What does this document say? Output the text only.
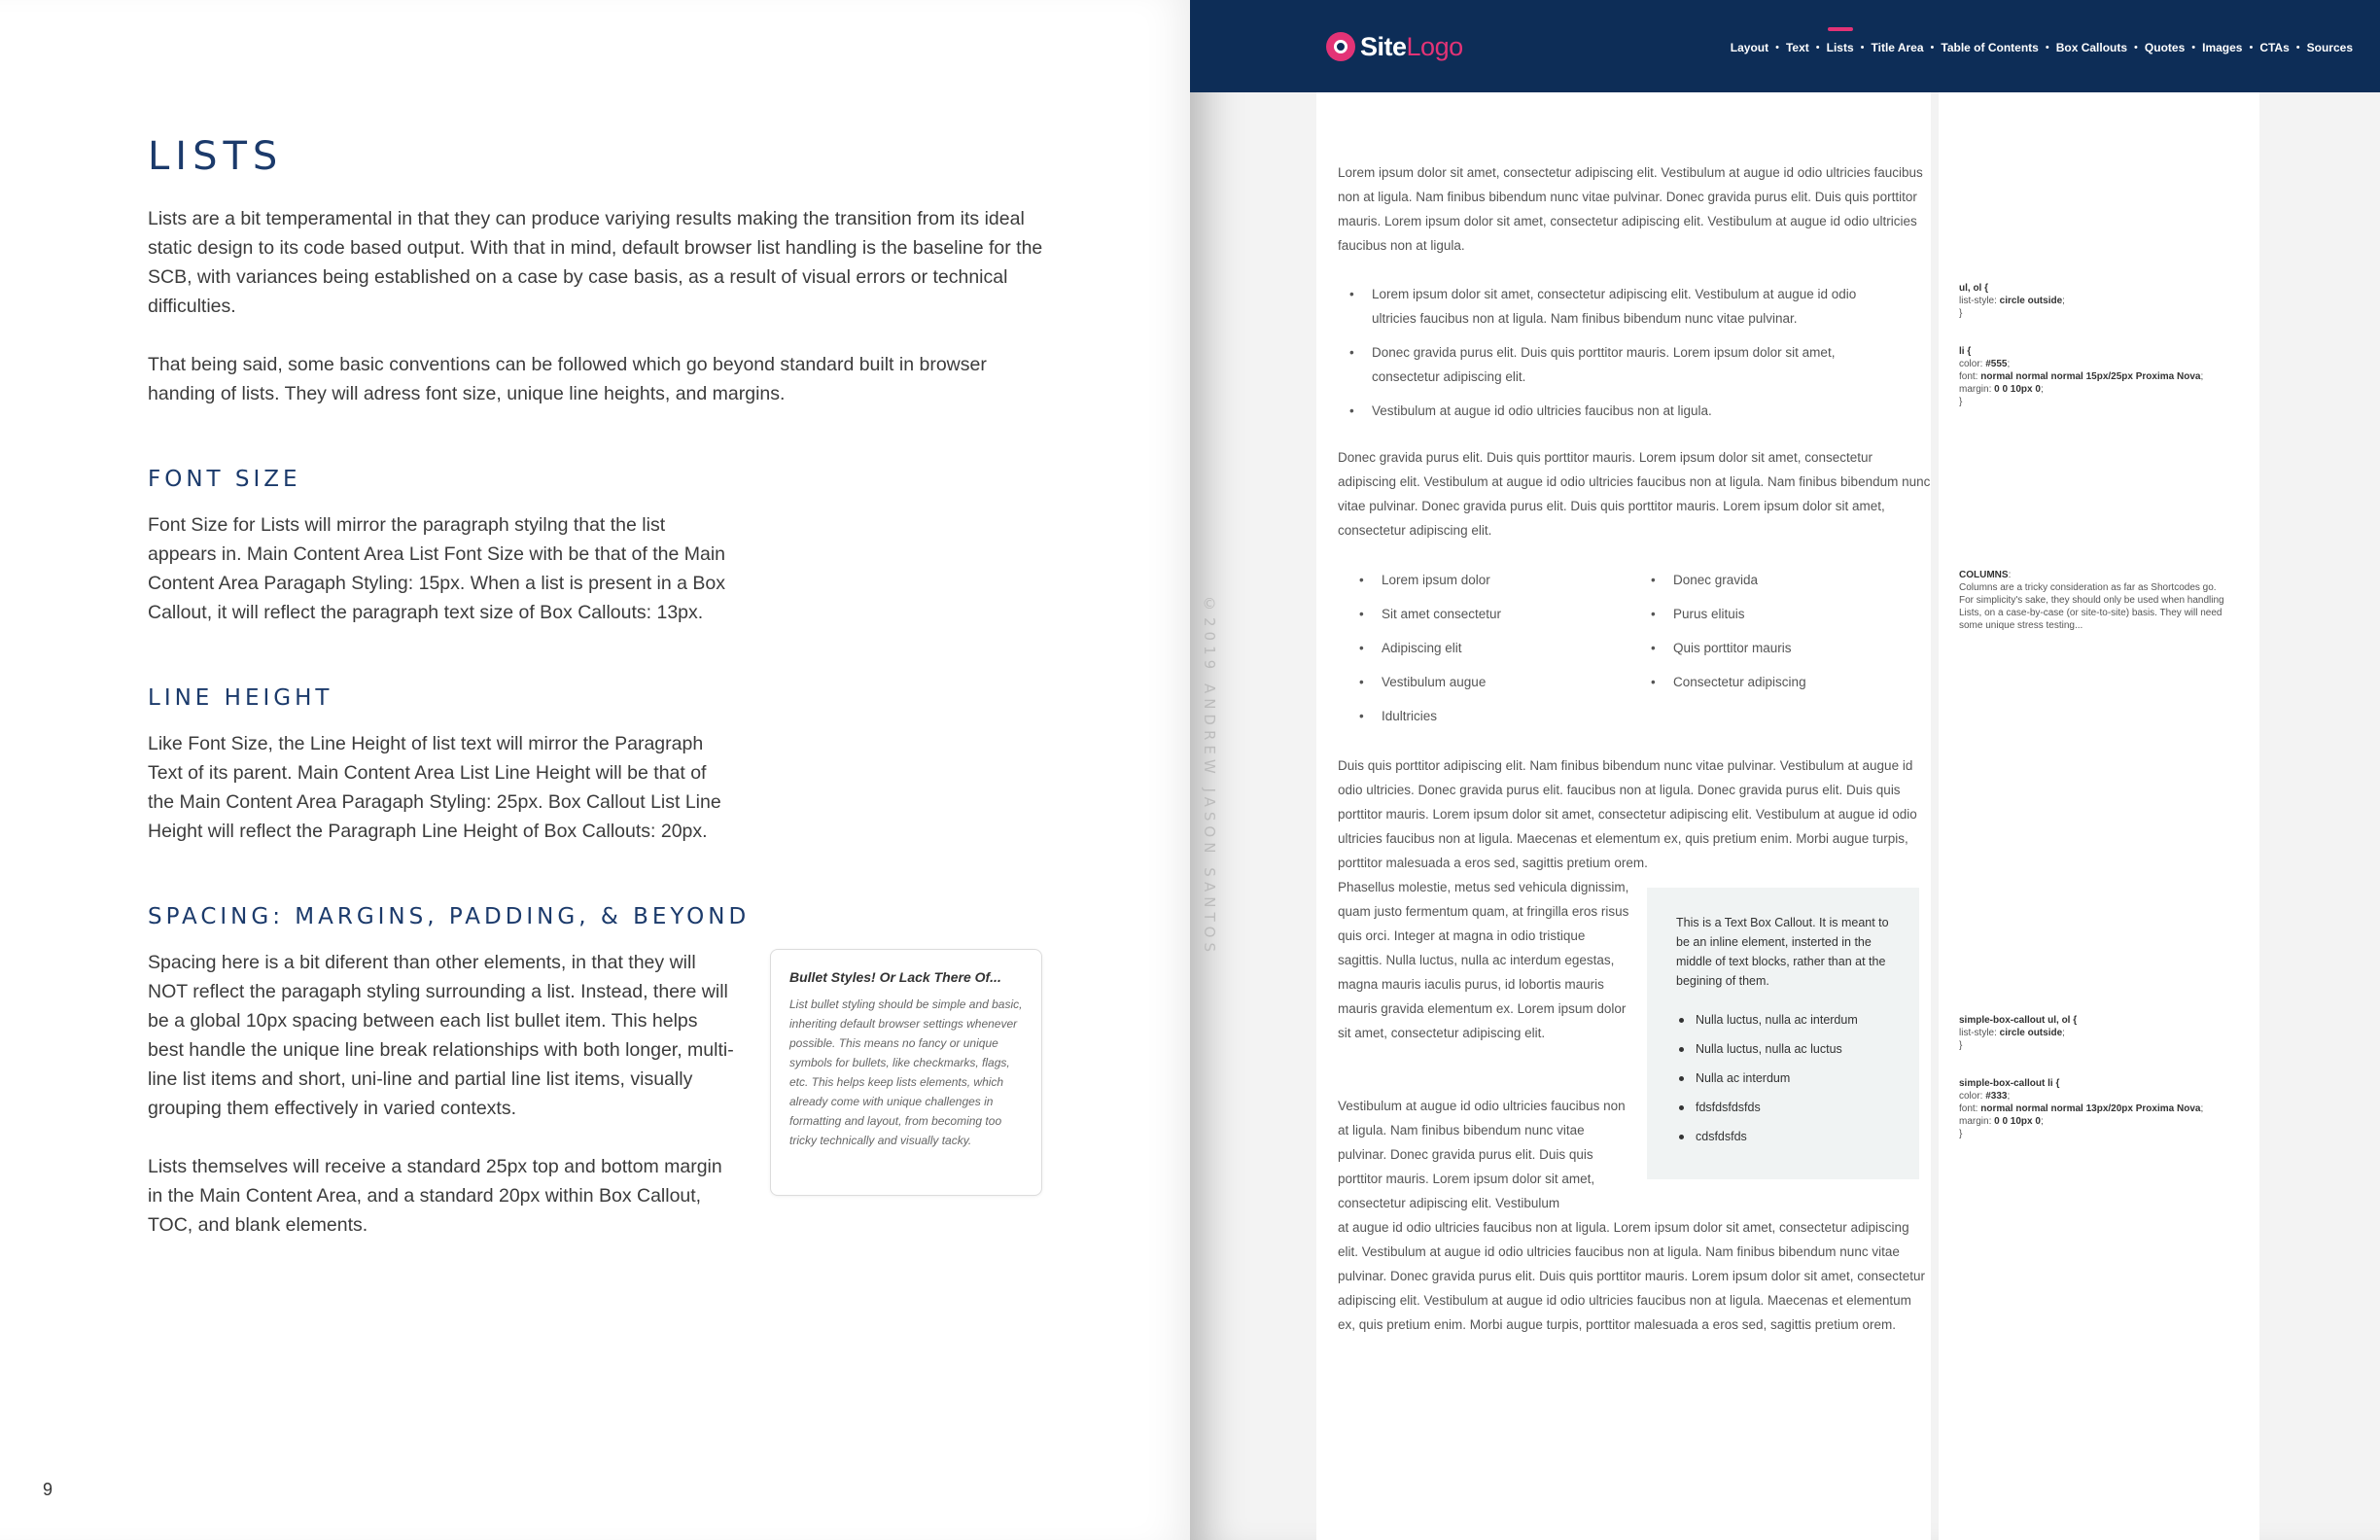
LISTS

Lists are a bit temperamental in that they can produce variying results making the transition from its ideal static design to its code based output. With that in mind, default browser list handling is the baseline for the SCB, with variances being established on a case by case basis, as a result of visual errors or technical difficulties.

That being said, some basic conventions can be followed which go beyond standard built in browser handing of lists. They will adress font size, unique line heights, and margins.

FONT SIZE

Font Size for Lists will mirror the paragraph styilng that the list appears in. Main Content Area List Font Size with be that of the Main Content Area Paragaph Styling: 15px. When a list is present in a Box Callout, it will reflect the paragraph text size of Box Callouts: 13px.

LINE HEIGHT

Like Font Size, the Line Height of list text will mirror the Paragraph Text of its parent. Main Content Area List Line Height will be that of the Main Content Area Paragaph Styling: 25px. Box Callout List Line Height will reflect the Paragraph Line Height of Box Callouts: 20px.

SPACING: MARGINS, PADDING, & BEYOND

Spacing here is a bit diferent than other elements, in that they will NOT reflect the paragaph styling surrounding a list. Instead, there will be a global 10px spacing between each list bullet item. This helps best handle the unique line break relationships with both longer, multi-line list items and short, uni-line and partial line list items, visually grouping them effectively in varied contexts.

Lists themselves will receive a standard 25px top and bottom margin in the Main Content Area, and a standard 20px within Box Callout, TOC, and blank elements.

Bullet Styles! Or Lack There Of...

List bullet styling should be simple and basic, inheriting default browser settings whenever possible. This means no fancy or unique symbols for bullets, like checkmarks, flags, etc. This helps keep lists elements, which already come with unique challenges in formatting and layout, from becoming too tricky technically and visually tacky.

9
SiteLogo	Layout • Text • Lists • Title Area • Table of Contents • Box Callouts • Quotes • Images • CTAs • Sources
©2019 ANDREW JASON SANTOS

Lorem ipsum dolor sit amet, consectetur adipiscing elit. Vestibulum at augue id odio ultricies faucibus non at ligula. Nam finibus bibendum nunc vitae pulvinar. Donec gravida purus elit. Duis quis porttitor mauris. Lorem ipsum dolor sit amet, consectetur adipiscing elit. Vestibulum at augue id odio ultricies faucibus non at ligula.

• Lorem ipsum dolor sit amet, consectetur adipiscing elit. Vestibulum at augue id odio ultricies faucibus non at ligula. Nam finibus bibendum nunc vitae pulvinar.
• Donec gravida purus elit. Duis quis porttitor mauris. Lorem ipsum dolor sit amet, consectetur adipiscing elit.
• Vestibulum at augue id odio ultricies faucibus non at ligula.

Donec gravida purus elit. Duis quis porttitor mauris. Lorem ipsum dolor sit amet, consectetur adipiscing elit. Vestibulum at augue id odio ultricies faucibus non at ligula. Nam finibus bibendum nunc vitae pulvinar. Donec gravida purus elit. Duis quis porttitor mauris. Lorem ipsum dolor sit amet, consectetur adipiscing elit.

• Lorem ipsum dolor
• Sit amet consectetur
• Adipiscing elit
• Vestibulum augue
• Idultricies
• Donec gravida
• Purus elituis
• Quis porttitor mauris
• Consectetur adipiscing

Duis quis porttitor adipiscing elit. Nam finibus bibendum nunc vitae pulvinar. Vestibulum at augue id odio ultricies. Donec gravida purus elit. faucibus non at ligula. Donec gravida purus elit. Duis quis porttitor mauris. Lorem ipsum dolor sit amet, consectetur adipiscing elit. Vestibulum at augue id odio ultricies faucibus non at ligula. Maecenas et elementum ex, quis pretium enim. Morbi augue turpis, porttitor malesuada a eros sed, sagittis pretium orem.

Phasellus molestie, metus sed vehicula dignissim, quam justo fermentum quam, at fringilla eros risus quis orci. Integer at magna in odio tristique sagittis. Nulla luctus, nulla ac interdum egestas, magna mauris iaculis purus, id lobortis mauris mauris gravida elementum ex. Lorem ipsum dolor sit amet, consectetur adipiscing elit.

Vestibulum at augue id odio ultricies faucibus non at ligula. Nam finibus bibendum nunc vitae pulvinar. Donec gravida purus elit. Duis quis porttitor mauris. Lorem ipsum dolor sit amet, consectetur adipiscing elit. Vestibulum

at augue id odio ultricies faucibus non at ligula. Lorem ipsum dolor sit amet, consectetur adipiscing elit. Vestibulum at augue id odio ultricies faucibus non at ligula. Nam finibus bibendum nunc vitae pulvinar. Donec gravida purus elit. Duis quis porttitor mauris. Lorem ipsum dolor sit amet, consectetur adipiscing elit. Vestibulum at augue id odio ultricies faucibus non at ligula. Maecenas et elementum ex, quis pretium enim. Morbi augue turpis, porttitor malesuada a eros sed, sagittis pretium orem.

This is a Text Box Callout. It is meant to be an inline element, insterted in the middle of text blocks, rather than at the begining of them.

Nulla luctus, nulla ac interdum
Nulla luctus, nulla ac luctus
Nulla ac interdum
fdsfdsfdsfds
cdsfdsfds
ul, ol {
list-style: circle outside;
}
li {
color: #555;
font: normal normal normal 15px/25px Proxima Nova;
margin: 0 0 10px 0;
}
COLUMNS:
Columns are a tricky consideration as far as Shortcodes go. For simplicity's sake, they should only be used when handling Lists, on a case-by-case (or site-to-site) basis. They will need some unique stress testing...
simple-box-callout ul, ol {
list-style: circle outside;
}
simple-box-callout li {
color: #333;
font: normal normal normal 13px/20px Proxima Nova;
margin: 0 0 10px 0;
}
